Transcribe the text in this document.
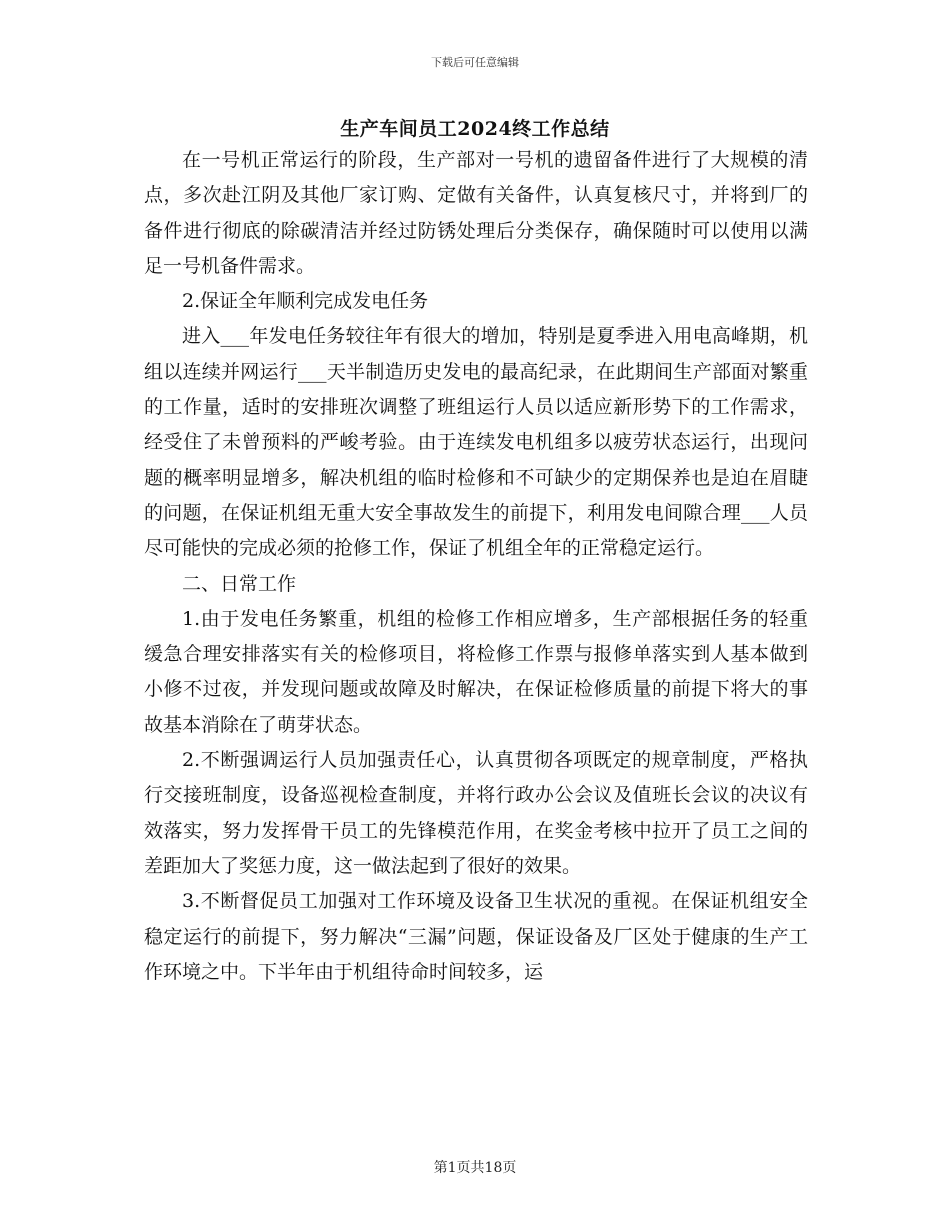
下载后可任意编辑
生产车间员工2024终工作总结

在一号机正常运行的阶段，生产部对一号机的遗留备件进行了大规模的清点，多次赴江阴及其他厂家订购、定做有关备件，认真复核尺寸，并将到厂的备件进行彻底的除碳清洁并经过防锈处理后分类保存，确保随时可以使用以满足一号机备件需求。

2.保证全年顺利完成发电任务

进入___年发电任务较往年有很大的增加，特别是夏季进入用电高峰期，机组以连续并网运行___天半制造历史发电的最高纪录，在此期间生产部面对繁重的工作量，适时的安排班次调整了班组运行人员以适应新形势下的工作需求，经受住了未曾预料的严峻考验。由于连续发电机组多以疲劳状态运行，出现问题的概率明显增多，解决机组的临时检修和不可缺少的定期保养也是迫在眉睫的问题，在保证机组无重大安全事故发生的前提下，利用发电间隙合理___人员尽可能快的完成必须的抢修工作，保证了机组全年的正常稳定运行。

二、日常工作

1.由于发电任务繁重，机组的检修工作相应增多，生产部根据任务的轻重缓急合理安排落实有关的检修项目，将检修工作票与报修单落实到人基本做到小修不过夜，并发现问题或故障及时解决，在保证检修质量的前提下将大的事故基本消除在了萌芽状态。

2.不断强调运行人员加强责任心，认真贯彻各项既定的规章制度，严格执行交接班制度，设备巡视检查制度，并将行政办公会议及值班长会议的决议有效落实，努力发挥骨干员工的先锋模范作用，在奖金考核中拉开了员工之间的差距加大了奖惩力度，这一做法起到了很好的效果。

3.不断督促员工加强对工作环境及设备卫生状况的重视。在保证机组安全稳定运行的前提下，努力解决“三漏”问题，保证设备及厂区处于健康的生产工作环境之中。下半年由于机组待命时间较多，运

第1页共18页
